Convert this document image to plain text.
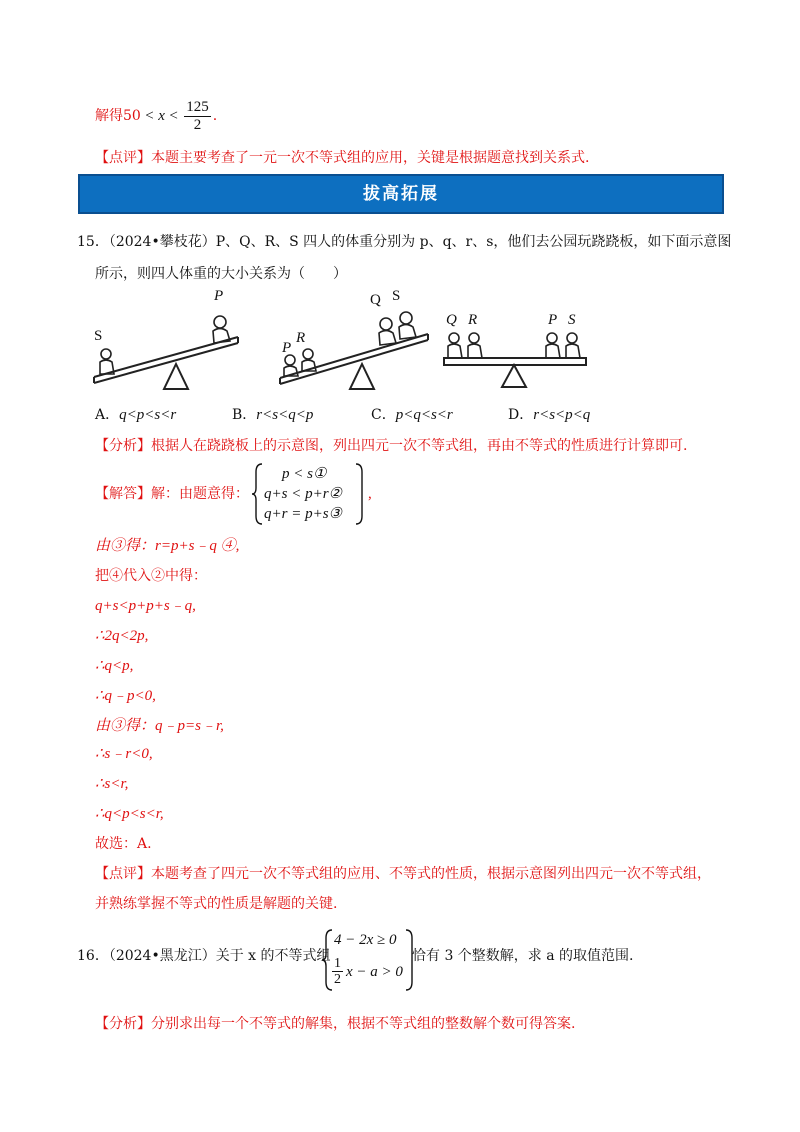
解得$50 < x < \frac{125}{2}$ .
【点评】本题主要考查了一元一次不等式组的应用，关键是根据题意找到关系式.
拔高拓展
15．（2024•攀枝花）P、Q、R、S 四人的体重分别为 p、q、r、s，他们去公园玩跷跷板，如下面示意图
所示，则四人体重的大小关系为（　　）
S
P
P
R
Q S
Q R	P S
A．q<p<s<r	B．r<s<q<p	C．p<q<s<r	D．r<s<p<q
【分析】根据人在跷跷板上的示意图，列出四元一次不等式组，再由不等式的性质进行计算即可.
【解答】解：由题意得：
p < s①
q+s < p+r②
q+r = p+s③
,
由③得：r=p+s﹣q ④,
把④代入②中得：
q+s<p+p+s﹣q,
∴2q<2p,
∴q<p,
∴q﹣p<0,
由③得：q﹣p=s﹣r,
∴s﹣r<0,
∴s<r,
∴q<p<s<r,
故选：A.
【点评】本题考查了四元一次不等式组的应用、不等式的性质，根据示意图列出四元一次不等式组，
并熟练掌握不等式的性质是解题的关键.
16．（2024•黑龙江）关于 x 的不等式组
4 − 2x ≥ 0
$\frac{1}{2}$ x − a > 0
恰有 3 个整数解，求 a 的取值范围.
【分析】分别求出每一个不等式的解集，根据不等式组的整数解个数可得答案.
